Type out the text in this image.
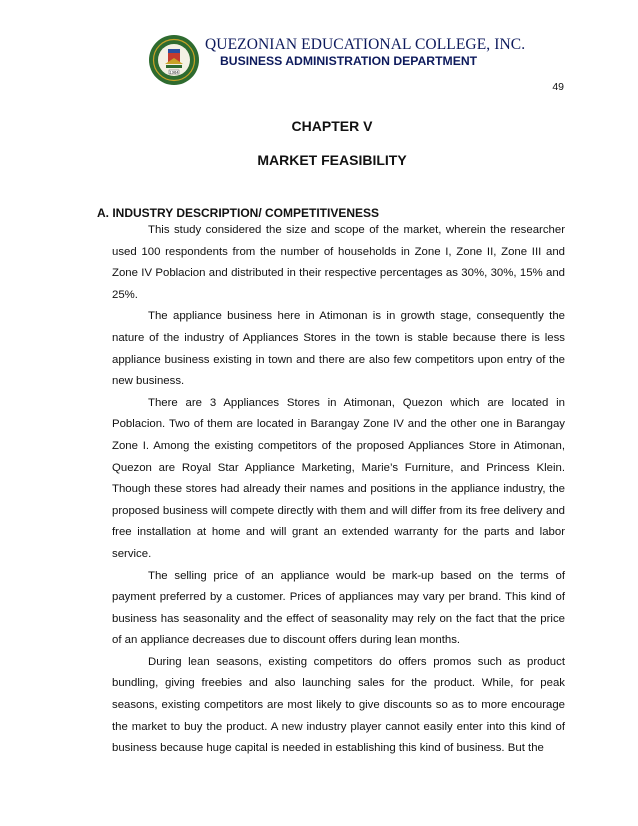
1964
QUEZONIAN EDUCATIONAL COLLEGE, INC.
BUSINESS ADMINISTRATION DEPARTMENT
49
CHAPTER V
MARKET FEASIBILITY
A. INDUSTRY DESCRIPTION/ COMPETITIVENESS

This study considered the size and scope of the market, wherein the researcher used 100 respondents from the number of households in Zone I, Zone II, Zone III and Zone IV Poblacion and distributed in their respective percentages as 30%, 30%, 15% and 25%.

The appliance business here in Atimonan is in growth stage, consequently the nature of the industry of Appliances Stores in the town is stable because there is less appliance business existing in town and there are also few competitors upon entry of the new business.

There are 3 Appliances Stores in Atimonan, Quezon which are located in Poblacion. Two of them are located in Barangay Zone IV and the other one in Barangay Zone I. Among the existing competitors of the proposed Appliances Store in Atimonan, Quezon are Royal Star Appliance Marketing, Marie’s Furniture, and Princess Klein. Though these stores had already their names and positions in the appliance industry, the proposed business will compete directly with them and will differ from its free delivery and free installation at home and will grant an extended warranty for the parts and labor service.

The selling price of an appliance would be mark-up based on the terms of payment preferred by a customer. Prices of appliances may vary per brand. This kind of business has seasonality and the effect of seasonality may rely on the fact that the price of an appliance decreases due to discount offers during lean months.

During lean seasons, existing competitors do offers promos such as product bundling, giving freebies and also launching sales for the product. While, for peak seasons, existing competitors are most likely to give discounts so as to more encourage the market to buy the product. A new industry player cannot easily enter into this kind of business because huge capital is needed in establishing this kind of business. But the
